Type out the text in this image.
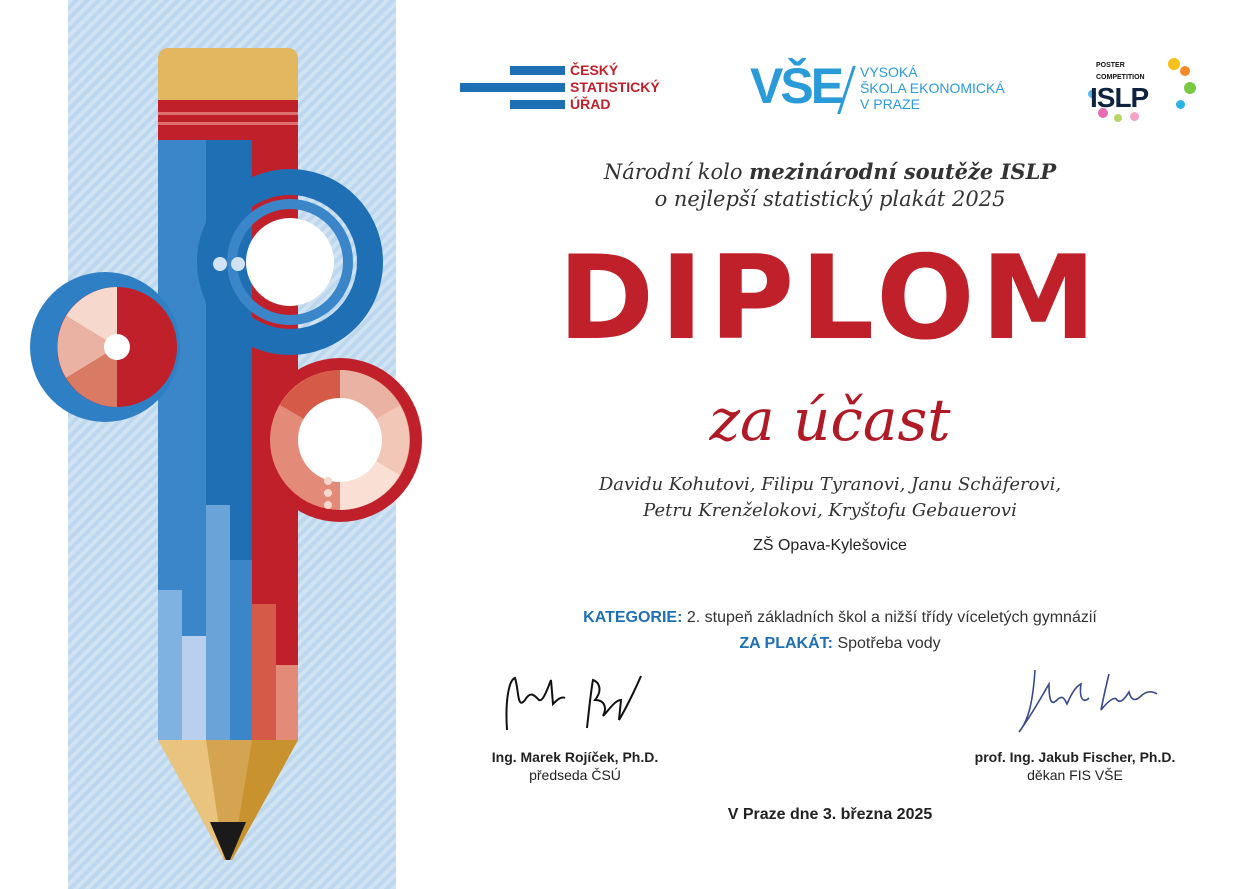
ČESKÝ
STATISTICKÝ
ÚŘAD	VŠE VYSOKÁ
ŠKOLA EKONOMICKÁ
V PRAZE
POSTER
COMPETITION
ISLP
Národní kolo mezinárodní soutěže ISLP
o nejlepší statistický plakát 2025
DIPLOM
za účast
Davidu Kohutovi, Filipu Tyranovi, Janu Schäferovi,
Petru Krenželokovi, Kryštofu Gebauerovi
ZŠ Opava-Kylešovice
KATEGORIE: 2. stupeň základních škol a nižší třídy víceletých gymnázií
ZA PLAKÁT: Spotřeba vody
Ing. Marek Rojíček, Ph.D.
předseda ČSÚ
prof. Ing. Jakub Fischer, Ph.D.
děkan FIS VŠE
V Praze dne 3. března 2025
